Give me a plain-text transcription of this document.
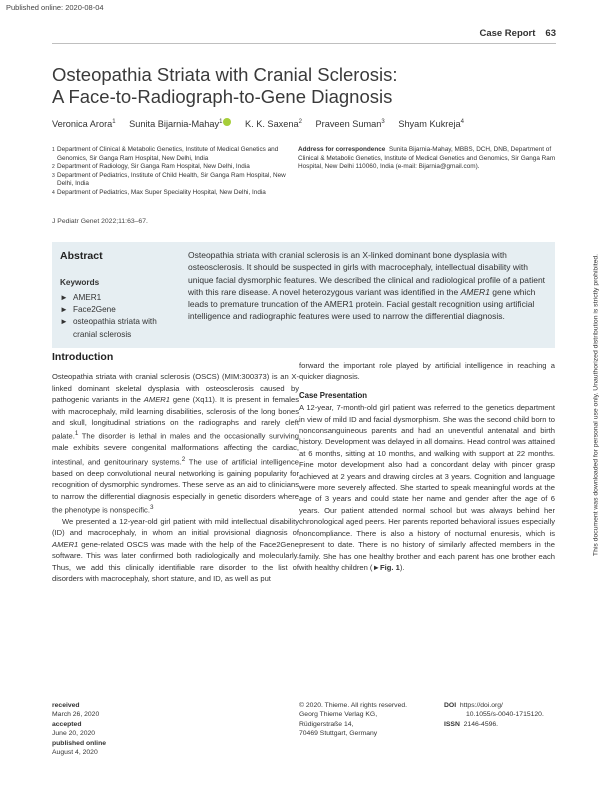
Published online: 2020-08-04
Case Report 63
Osteopathia Striata with Cranial Sclerosis:
A Face-to-Radiograph-to-Gene Diagnosis
Veronica Arora$^1$ Sunita Bijarnia-Mahay$^1$ K. K. Saxena$^2$ Praveen Suman$^3$ Shyam Kukreja$^4$
1 Department of Clinical & Metabolic Genetics, Institute of Medical Genetics and Genomics, Sir Ganga Ram Hospital, New Delhi, India
2 Department of Radiology, Sir Ganga Ram Hospital, New Delhi, India
3 Department of Pediatrics, Institute of Child Health, Sir Ganga Ram Hospital, New Delhi, India
4 Department of Pediatrics, Max Super Speciality Hospital, New Delhi, India
Address for correspondence Sunita Bijarnia-Mahay, MBBS, DCH, DNB, Department of Clinical & Metabolic Genetics, Institute of Medical Genetics and Genomics, Sir Ganga Ram Hospital, New Delhi 110060, India (e-mail: Bijarnia@gmail.com).
J Pediatr Genet 2022;11:63–67.
Abstract
Keywords
► AMER1
► Face2Gene
► osteopathia striata with cranial sclerosis
Osteopathia striata with cranial sclerosis is an X-linked dominant bone dysplasia with osteosclerosis. It should be suspected in girls with macrocephaly, intellectual disability with unique facial dysmorphic features. We described the clinical and radiological profile of a patient with this rare disease. A novel heterozygous variant was identified in the AMER1 gene which leads to premature truncation of the AMER1 protein. Facial gestalt recognition using artificial intelligence and radiographic features were used to narrow the differential diagnosis.
Introduction

Osteopathia striata with cranial sclerosis (OSCS) (MIM:300373) is an X-linked dominant skeletal dysplasia with osteosclerosis caused by pathogenic variants in the AMER1 gene (Xq11). It is present in females with macrocephaly, mild learning disabilities, sclerosis of the long bones and skull, longitudinal striations on the radiographs and rarely cleft palate.$^1$ The disorder is lethal in males and the occasionally surviving male exhibits severe congenital malformations affecting the cardiac, intestinal, and genitourinary systems.$^2$ The use of artificial intelligence based on deep convolutional neural networking is gaining popularity for recognition of dysmorphic syndromes. These serve as an aid to clinicians to narrow the differential diagnosis especially in genetic disorders where the phenotype is nonspecific.$^3$

We presented a 12-year-old girl patient with mild intellectual disability (ID) and macrocephaly, in whom an initial provisional diagnosis of AMER1 gene-related OSCS was made with the help of the Face2Gene software. This was later confirmed both radiologically and molecularly. Thus, we add this clinically identifiable rare disorder to the list of disorders with macrocephaly, short stature, and ID, as well as put

forward the important role played by artificial intelligence in reaching a quicker diagnosis.

Case Presentation

A 12-year, 7-month-old girl patient was referred to the genetics department in view of mild ID and facial dysmorphism. She was the second child born to nonconsanguineous parents and had an uneventful antenatal and birth history. Development was delayed in all domains. Head control was attained at 6 months, sitting at 10 months, and walking with support at 22 months. Fine motor development also had a concordant delay with pincer grasp achieved at 2 years and drawing circles at 3 years. Cognition and language were more severely affected. She started to speak meaningful words at the age of 3 years and could state her name and gender after the age of 6 years. Our patient attended normal school but was always behind her chronological aged peers. Her parents reported behavioral issues especially noncompliance. There is also a history of nocturnal enuresis, which is present to date. There is no history of similarly affected members in the family. She has one healthy brother and each parent has one brother each with healthy children (►Fig. 1).

received
March 26, 2020
accepted
June 20, 2020
published online
August 4, 2020
© 2020. Thieme. All rights reserved.
Georg Thieme Verlag KG,
Rüdigerstraße 14,
70469 Stuttgart, Germany
DOI https://doi.org/
10.1055/s-0040-1715120.
ISSN 2146-4596.
This document was downloaded for personal use only. Unauthorized distribution is strictly prohibited.
